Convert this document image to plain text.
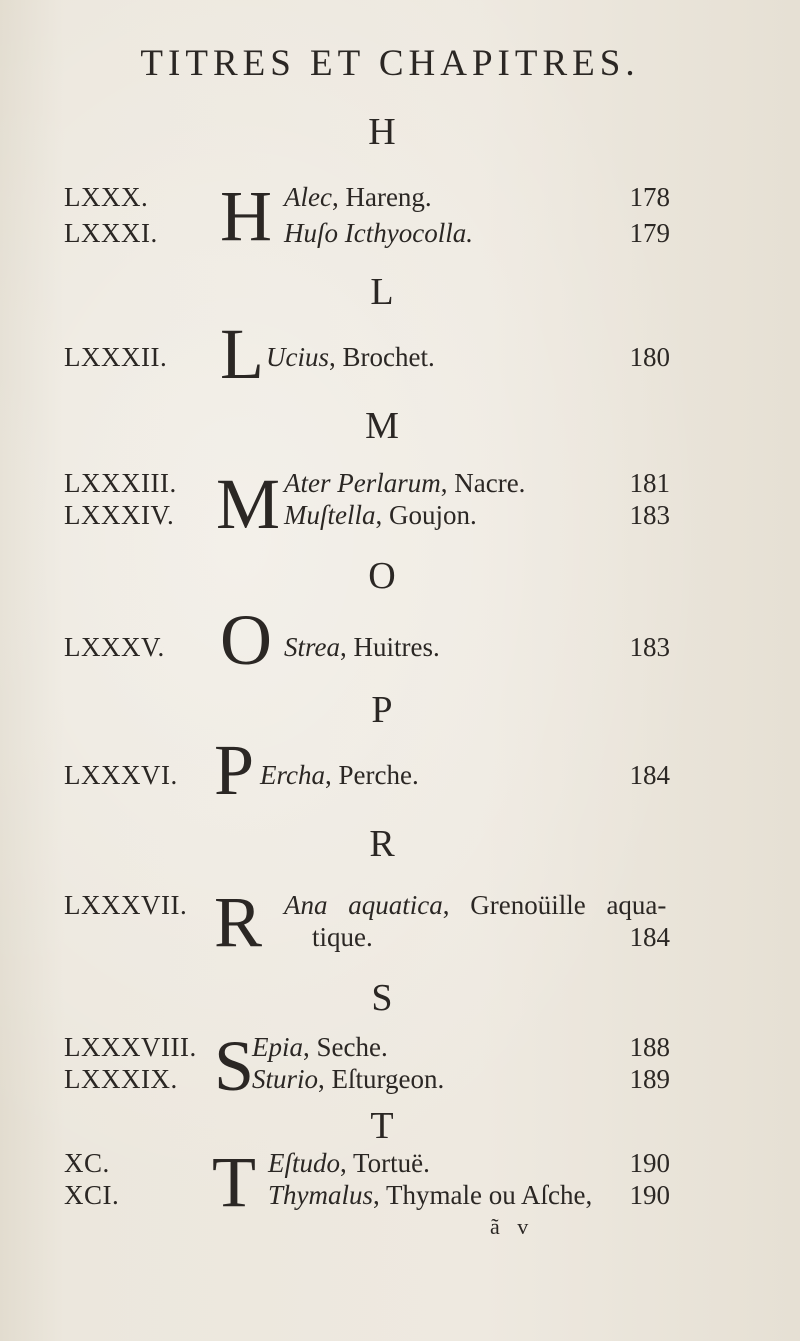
TITRES ET CHAPITRES.
H
LXXX. H Alec, Hareng.	178
LXXXI.	Huſo Icthyocolla.	179
L
L
LXXXII.	Ucius, Brochet.	180
M
M
LXXXIII.	Ater Perlarum, Nacre.	181
LXXXIV.	Muſtella, Goujon.	183
O
O
LXXXV.	Strea, Huitres.	183
P
P
LXXXVI.	Ercha, Perche.	184
R
R
LXXXVII.	Ana aquatica, Grenoüille aqua-
tique.	184
S
S
LXXXVIII. Epia, Seche.	188
LXXXIX.	Sturio, Eſturgeon.	189
T
T
XC.	Eſtudo, Tortuë.	190
XCI.	Thymalus, Thymale ou Aſche, 190
ã v
